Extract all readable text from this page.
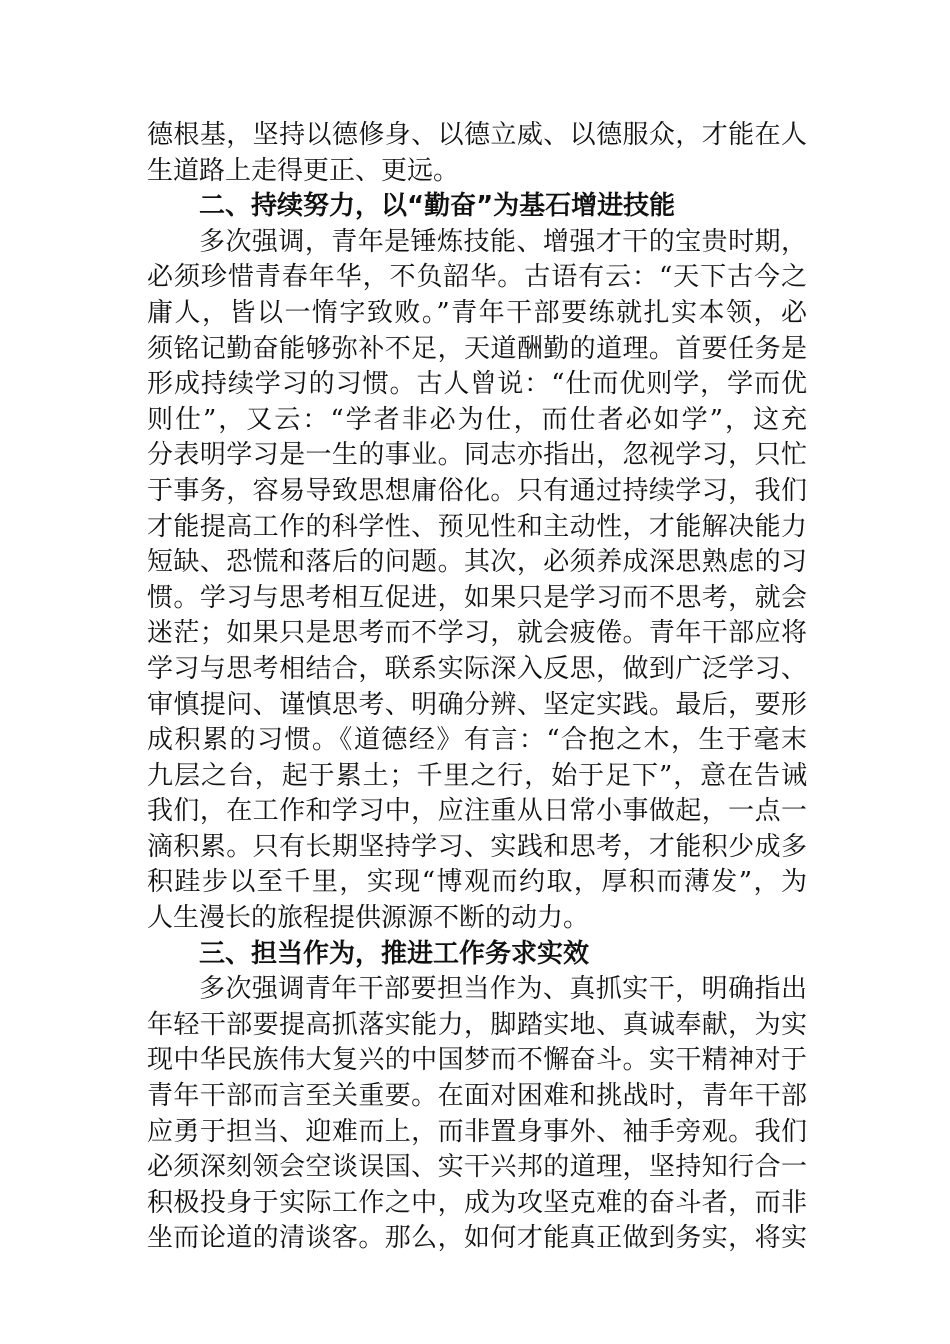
德根基，坚持以德修身、以德立威、以德服众，才能在人
生道路上走得更正、更远。
二、持续努力，以“勤奋”为基石增进技能
多次强调，青年是锤炼技能、增强才干的宝贵时期，
必须珍惜青春年华，不负韶华。古语有云：“天下古今之
庸人，皆以一惰字致败。”青年干部要练就扎实本领，必
须铭记勤奋能够弥补不足，天道酬勤的道理。首要任务是
形成持续学习的习惯。古人曾说：“仕而优则学，学而优
则仕”，又云：“学者非必为仕，而仕者必如学”，这充
分表明学习是一生的事业。同志亦指出，忽视学习，只忙
于事务，容易导致思想庸俗化。只有通过持续学习，我们
才能提高工作的科学性、预见性和主动性，才能解决能力
短缺、恐慌和落后的问题。其次，必须养成深思熟虑的习
惯。学习与思考相互促进，如果只是学习而不思考，就会
迷茫；如果只是思考而不学习，就会疲倦。青年干部应将
学习与思考相结合，联系实际深入反思，做到广泛学习、
审慎提问、谨慎思考、明确分辨、坚定实践。最后，要形
成积累的习惯。《道德经》有言：“合抱之木，生于毫末
九层之台，起于累土；千里之行，始于足下”，意在告诫
我们，在工作和学习中，应注重从日常小事做起，一点一
滴积累。只有长期坚持学习、实践和思考，才能积少成多
积跬步以至千里，实现“博观而约取，厚积而薄发”，为
人生漫长的旅程提供源源不断的动力。
三、担当作为，推进工作务求实效
多次强调青年干部要担当作为、真抓实干，明确指出
年轻干部要提高抓落实能力，脚踏实地、真诚奉献，为实
现中华民族伟大复兴的中国梦而不懈奋斗。实干精神对于
青年干部而言至关重要。在面对困难和挑战时，青年干部
应勇于担当、迎难而上，而非置身事外、袖手旁观。我们
必须深刻领会空谈误国、实干兴邦的道理，坚持知行合一
积极投身于实际工作之中，成为攻坚克难的奋斗者，而非
坐而论道的清谈客。那么，如何才能真正做到务实，将实
